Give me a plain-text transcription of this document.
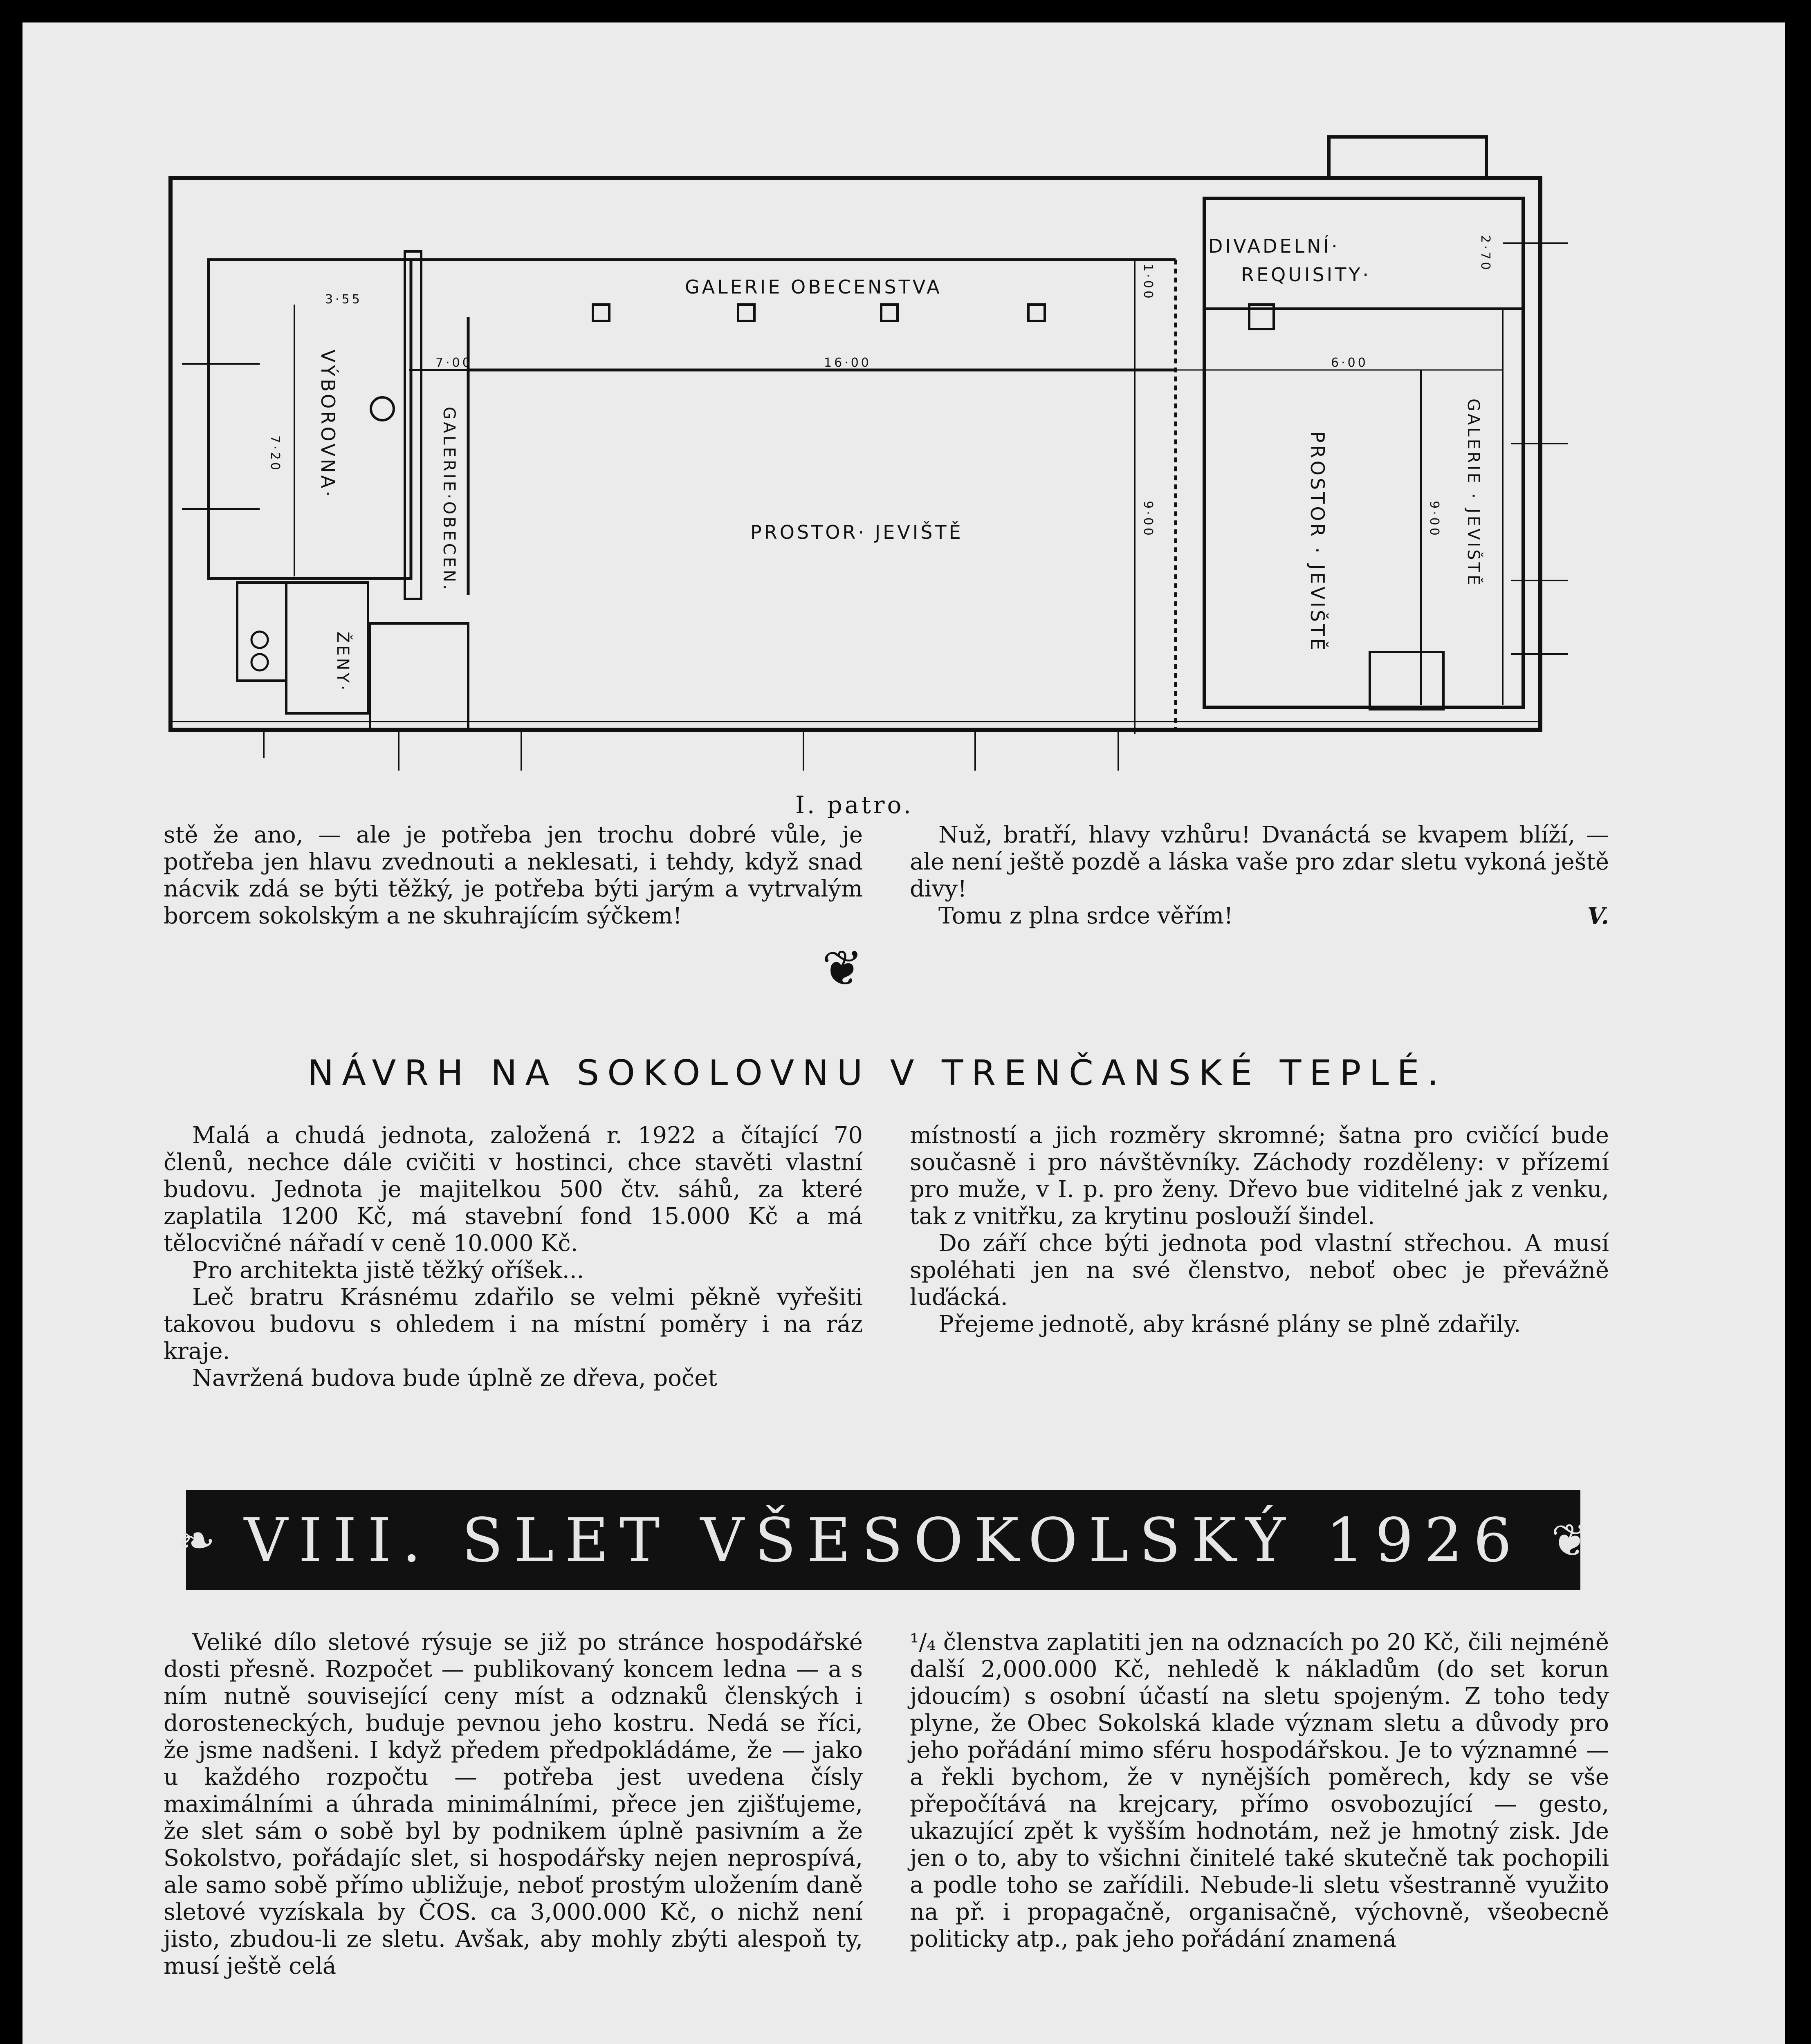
GALERIE OBECENSTVA
DIVADELNÍ·
REQUISITY·
VÝBOROVNA·	GALERIE·OBECEN.	PROSTOR· JEVIŠTĚ	PROSTOR · JEVIŠTĚ	GALERIE · JEVIŠTĚ
ŽENY·
3·55
7·20
7·00	16·00	6·00
9·00	9·00
1·00
2·70
I. patro.

stě že ano, — ale je potřeba jen trochu dobré vůle, je potřeba jen hlavu zvednouti a neklesati, i tehdy, když snad nácvik zdá se býti těžký, je potřeba býti jarým a vytrvalým borcem sokolským a ne skuhrajícím sýčkem!

Nuž, bratří, hlavy vzhůru! Dvanáctá se kvapem blíží, — ale není ještě pozdě a láska vaše pro zdar sletu vykoná ještě divy!

Tomu z plna srdce věřím!	V.

❦
NÁVRH NA SOKOLOVNU V TRENČANSKÉ TEPLÉ.

Malá a chudá jednota, založená r. 1922 a čítající 70 členů, nechce dále cvičiti v hostinci, chce stavěti vlastní budovu. Jednota je majitelkou 500 čtv. sáhů, za které zaplatila 1200 Kč, má stavební fond 15.000 Kč a má tělocvičné nářadí v ceně 10.000 Kč.

Pro architekta jistě těžký oříšek...

Leč bratru Krásnému zdařilo se velmi pěkně vyřešiti takovou budovu s ohledem i na místní poměry i na ráz kraje.

Navržená budova bude úplně ze dřeva, počet

místností a jich rozměry skromné; šatna pro cvičící bude současně i pro návštěvníky. Záchody rozděleny: v přízemí pro muže, v I. p. pro ženy. Dřevo bue viditelné jak z venku, tak z vnitřku, za krytinu poslouží šindel.

Do září chce býti jednota pod vlastní střechou. A musí spoléhati jen na své členstvo, neboť obec je převážně luďácká.

Přejeme jednotě, aby krásné plány se plně zdařily.

❧ VIII. SLET VŠESOKOLSKÝ 1926 ❦

Veliké dílo sletové rýsuje se již po stránce hospodářské dosti přesně. Rozpočet — publikovaný koncem ledna — a s ním nutně související ceny míst a odznaků členských i dorosteneckých, buduje pevnou jeho kostru. Nedá se říci, že jsme nadšeni. I když předem předpokládáme, že — jako u každého rozpočtu — potřeba jest uvedena čísly maximálními a úhrada minimálními, přece jen zjišťujeme, že slet sám o sobě byl by podnikem úplně pasivním a že Sokolstvo, pořádajíc slet, si hospodářsky nejen neprospívá, ale samo sobě přímo ubližuje, neboť prostým uložením daně sletové vyzískala by ČOS. ca 3,000.000 Kč, o nichž není jisto, zbudou-li ze sletu. Avšak, aby mohly zbýti alespoň ty, musí ještě celá

¹/₄ členstva zaplatiti jen na odznacích po 20 Kč, čili nejméně další 2,000.000 Kč, nehledě k nákladům (do set korun jdoucím) s osobní účastí na sletu spojeným. Z toho tedy plyne, že Obec Sokolská klade význam sletu a důvody pro jeho pořádání mimo sféru hospodářskou. Je to významné — a řekli bychom, že v nynějších poměrech, kdy se vše přepočítává na krejcary, přímo osvobozující — gesto, ukazující zpět k vyšším hodnotám, než je hmotný zisk. Jde jen o to, aby to všichni činitelé také skutečně tak pochopili a podle toho se zařídili. Nebude-li sletu všestranně využito na př. i propagačně, organisačně, výchovně, všeobecně politicky atp., pak jeho pořádání znamená
